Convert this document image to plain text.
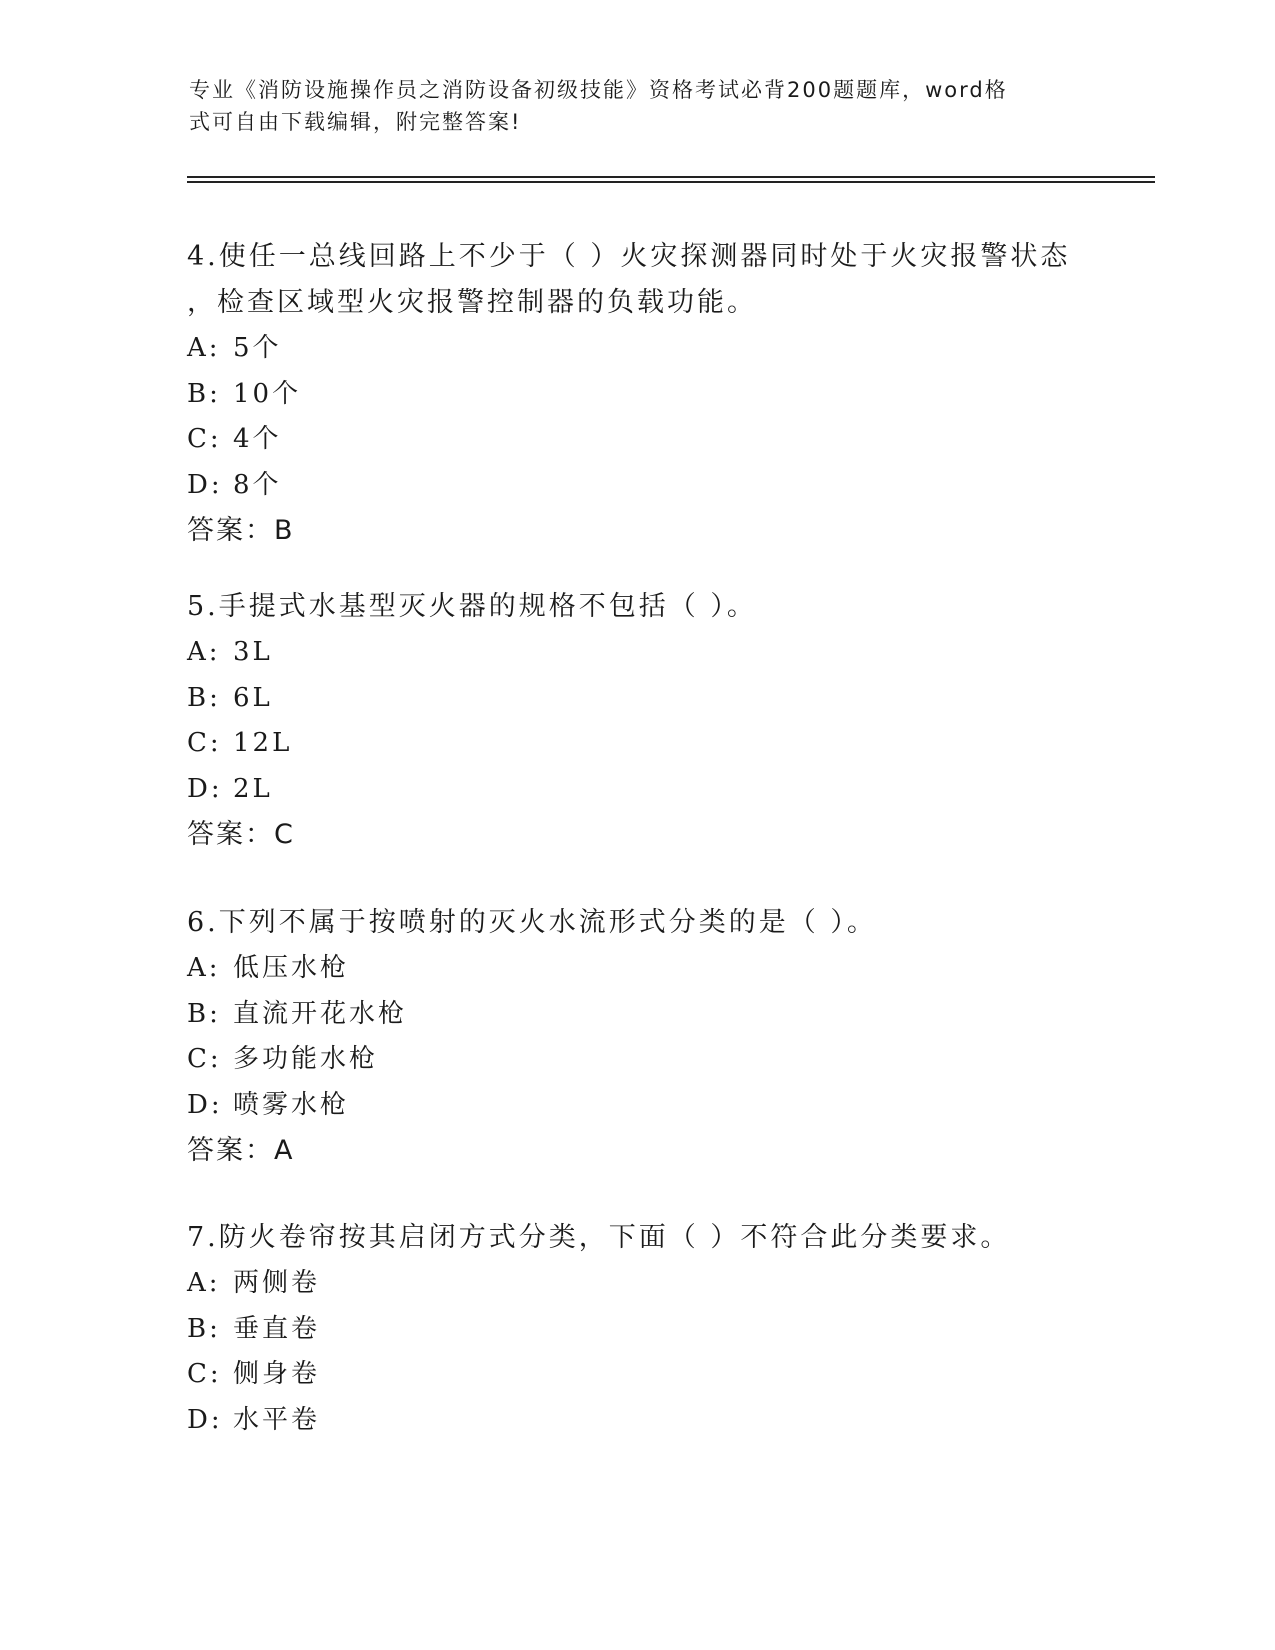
专业《消防设施操作员之消防设备初级技能》资格考试必背200题题库，word格
式可自由下载编辑，附完整答案!
4.使任一总线回路上不少于（ ）火灾探测器同时处于火灾报警状态
，检查区域型火灾报警控制器的负载功能。
A: 5个
B: 10个
C: 4个
D: 8个
答案：B
5.手提式水基型灭火器的规格不包括（ ）。
A: 3L
B: 6L
C: 12L
D: 2L
答案：C
6.下列不属于按喷射的灭火水流形式分类的是（ ）。
A: 低压水枪
B: 直流开花水枪
C: 多功能水枪
D: 喷雾水枪
答案：A
7.防火卷帘按其启闭方式分类，下面（ ）不符合此分类要求。
A: 两侧卷
B: 垂直卷
C: 侧身卷
D: 水平卷
